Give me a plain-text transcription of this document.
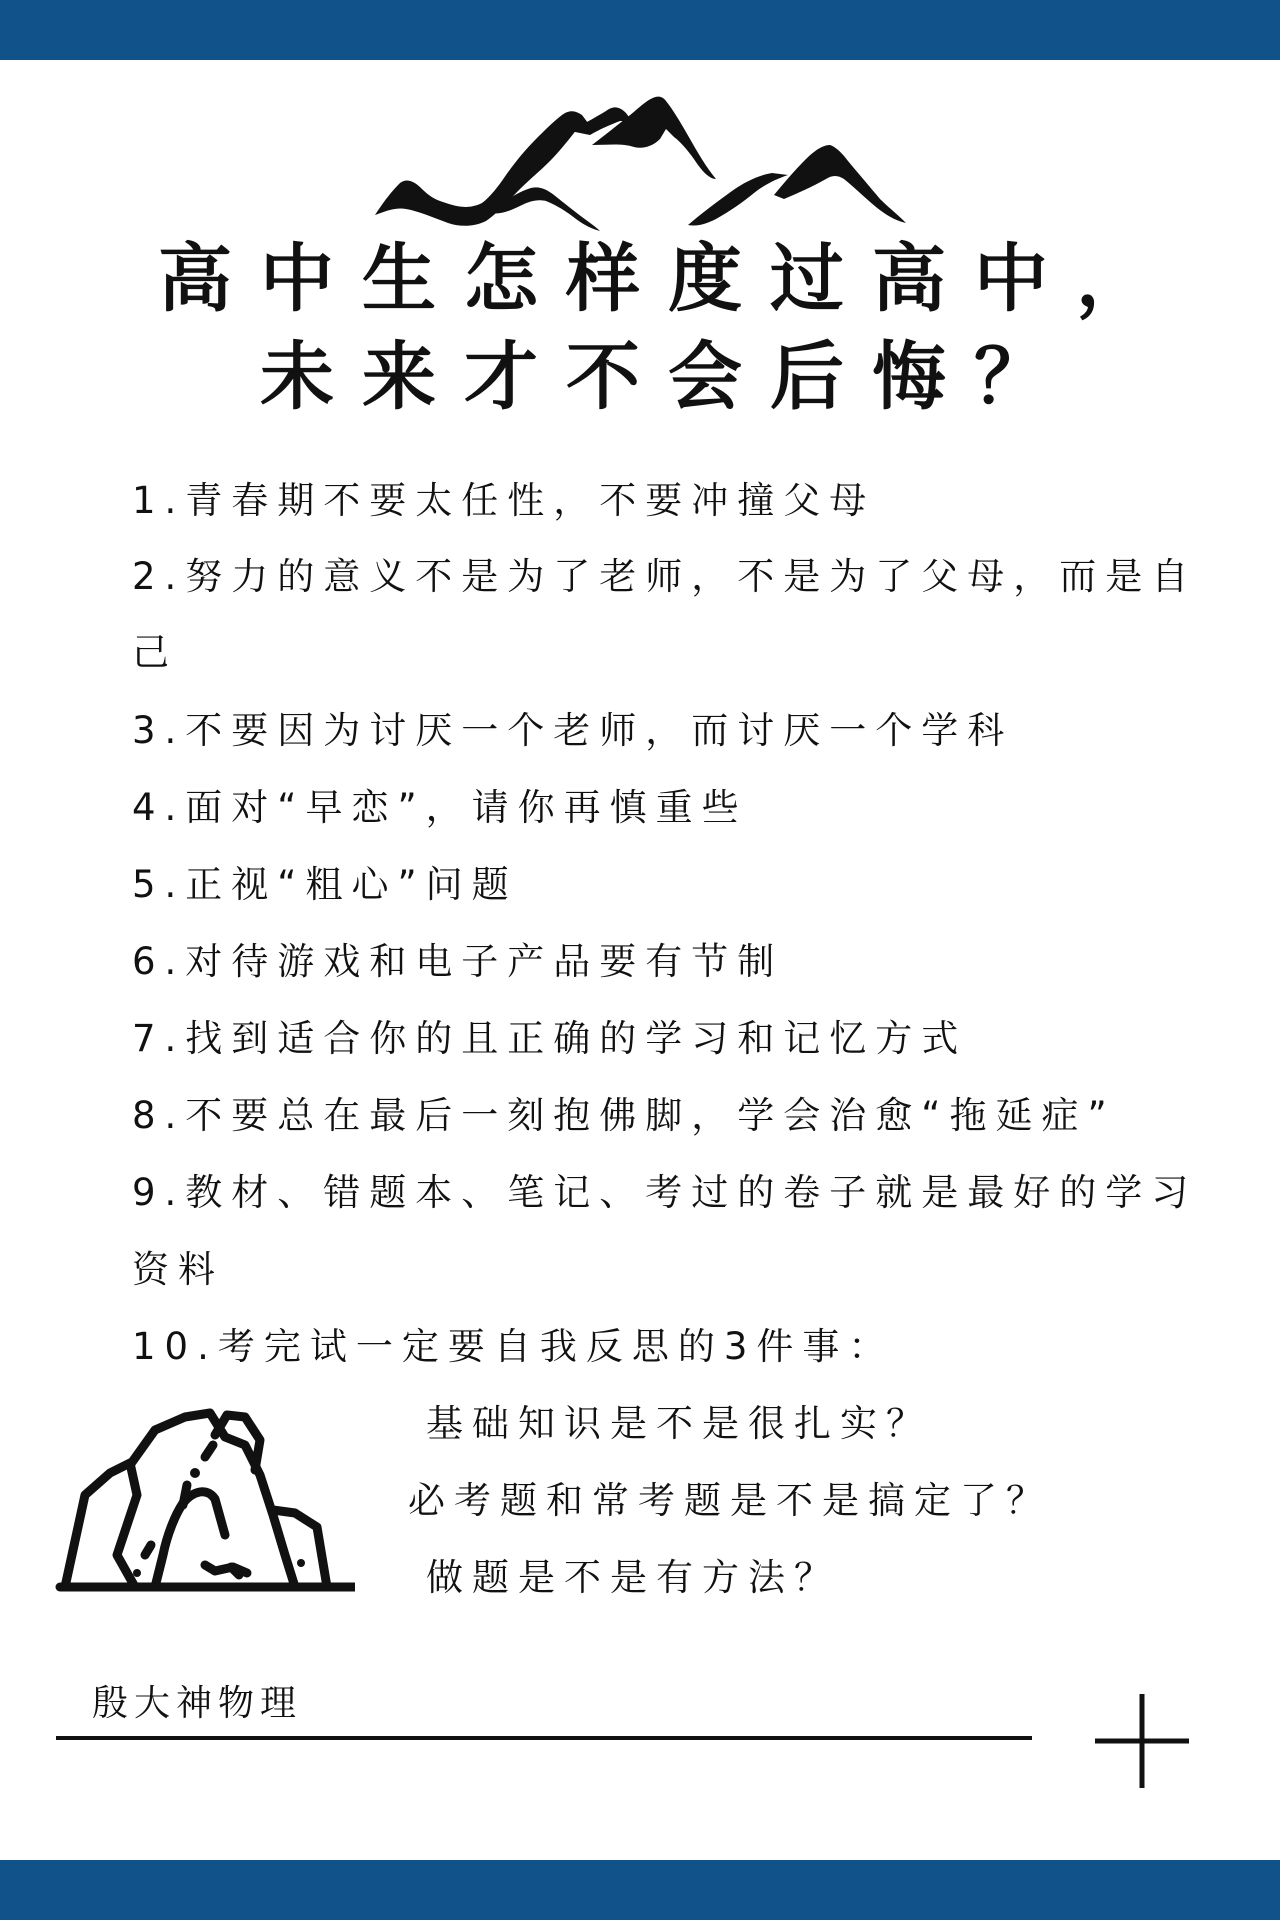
高中生怎样度过高中，
未来才不会后悔？
1.青春期不要太任性，不要冲撞父母
2.努力的意义不是为了老师，不是为了父母，而是自
己
3.不要因为讨厌一个老师，而讨厌一个学科
4.面对“早恋”，请你再慎重些
5.正视“粗心”问题
6.对待游戏和电子产品要有节制
7.找到适合你的且正确的学习和记忆方式
8.不要总在最后一刻抱佛脚，学会治愈“拖延症”
9.教材、错题本、笔记、考过的卷子就是最好的学习
资料
10.考完试一定要自我反思的3件事：
基础知识是不是很扎实？
必考题和常考题是不是搞定了？
做题是不是有方法？
殷大神物理
